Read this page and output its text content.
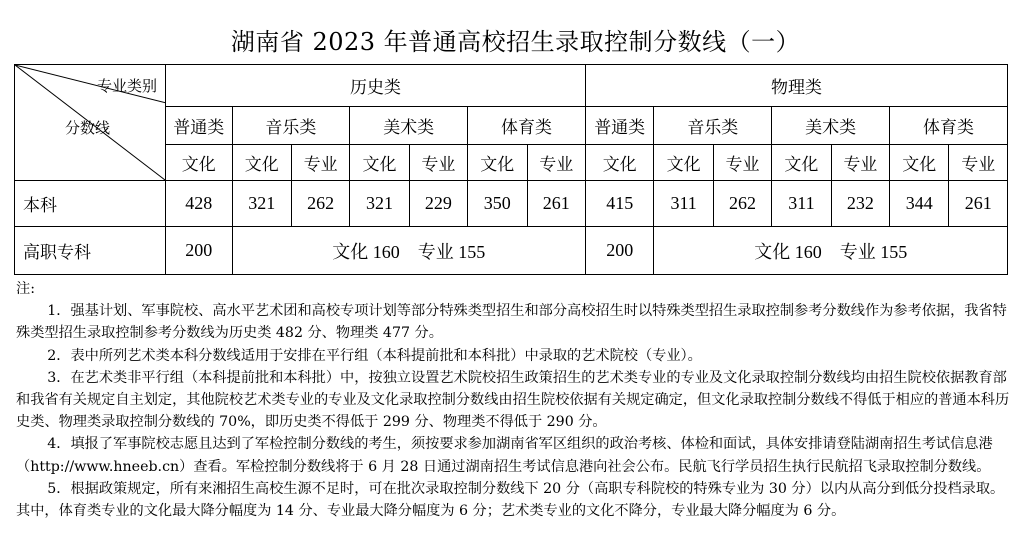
湖南省 2023 年普通高校招生录取控制分数线（一）
专业类别
分数线	历史类							物理类						
	普通类	音乐类		美术类		体育类		普通类	音乐类		美术类		体育类	
	文化	文化	专业	文化	专业	文化	专业	文化	文化	专业	文化	专业	文化	专业
本科	428	321	262	321	229	350	261	415	311	262	311	232	344	261
高职专科	200	文化 160　专业 155						200	文化 160　专业 155					

注:

1．强基计划、军事院校、高水平艺术团和高校专项计划等部分特殊类型招生和部分高校招生时以特殊类型招生录取控制参考分数线作为参考依据，我省特殊类型招生录取控制参考分数线为历史类 482 分、物理类 477 分。

2．表中所列艺术类本科分数线适用于安排在平行组（本科提前批和本科批）中录取的艺术院校（专业）。

3．在艺术类非平行组（本科提前批和本科批）中，按独立设置艺术院校招生政策招生的艺术类专业的专业及文化录取控制分数线均由招生院校依据教育部和我省有关规定自主划定，其他院校艺术类专业的专业及文化录取控制分数线由招生院校依据有关规定确定，但文化录取控制分数线不得低于相应的普通本科历史类、物理类录取控制分数线的 70%，即历史类不得低于 299 分、物理类不得低于 290 分。

4．填报了军事院校志愿且达到了军检控制分数线的考生，须按要求参加湖南省军区组织的政治考核、体检和面试，具体安排请登陆湖南招生考试信息港（http://www.hneeb.cn）查看。军检控制分数线将于 6 月 28 日通过湖南招生考试信息港向社会公布。民航飞行学员招生执行民航招飞录取控制分数线。

5．根据政策规定，所有来湘招生高校生源不足时，可在批次录取控制分数线下 20 分（高职专科院校的特殊专业为 30 分）以内从高分到低分投档录取。其中，体育类专业的文化最大降分幅度为 14 分、专业最大降分幅度为 6 分；艺术类专业的文化不降分，专业最大降分幅度为 6 分。
